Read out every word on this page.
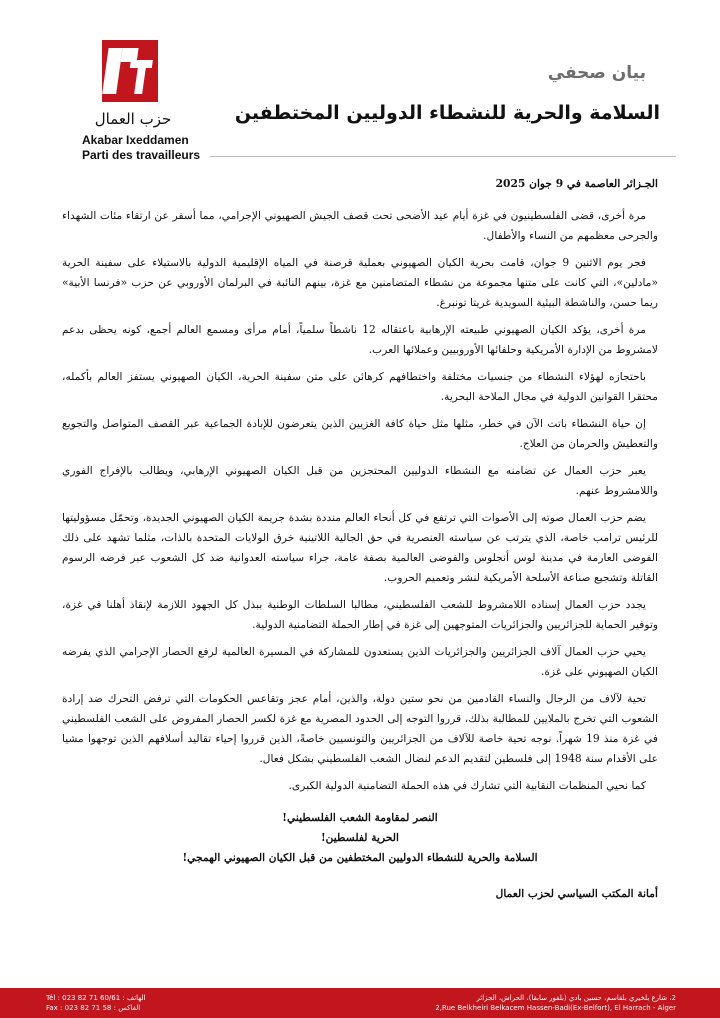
حزب العمال
Akabar Ixeddamen
Parti des travailleurs
بيان صحفي
السلامة والحرية للنشطاء الدوليين المختطفين
الجـزائر العاصمة في 9 جوان 2025

مرة أخرى، قضى الفلسطينيون في غزة أيام عيد الأضحى تحت قصف الجيش الصهيوني الإجرامي، مما أسفر عن ارتقاء مئات الشهداء والجرحى معظمهم من النساء والأطفال.

فجر يوم الاثنين 9 جوان، قامت بحرية الكيان الصهيوني بعملية قرصنة في المياه الإقليمية الدولية بالاستيلاء على سفينة الحرية «مادلين»، التي كانت على متنها مجموعة من نشطاء المتضامنين مع غزة، بينهم النائبة في البرلمان الأوروبي عن حزب «فرنسا الأبية» ريما حسن، والناشطة البيئية السويدية غريتا تونبرغ.

مرة أخرى، يؤكد الكيان الصهيوني طبيعته الإرهابية باعتقاله 12 ناشطاً سلمياً، أمام مرأى ومسمع العالم أجمع، كونه يحظى بدعم لامشروط من الإدارة الأمريكية وحلفائها الأوروبيين وعملائها العرب.

باحتجازه لهؤلاء النشطاء من جنسيات مختلفة واختطافهم كرهائن على متن سفينة الحرية، الكيان الصهيوني يستفز العالم بأكمله، محتقرا القوانين الدولية في مجال الملاحة البحرية.

إن حياة النشطاء باتت الآن في خطر، مثلها مثل حياة كافة الغزيين الذين يتعرضون للإبادة الجماعية عبر القصف المتواصل والتجويع والتعطيش والحرمان من العلاج.

يعبر حزب العمال عن تضامنه مع النشطاء الدوليين المحتجزين من قبل الكيان الصهيوني الإرهابي، ويطالب بالإفراج الفوري واللامشروط عنهم.

يضم حزب العمال صوته إلى الأصوات التي ترتفع في كل أنحاء العالم منددة بشدة جريمة الكيان الصهيوني الجديدة، وتحمّل مسؤوليتها للرئيس ترامب خاصة، الذي يترتب عن سياسته العنصرية في حق الجالية اللاتينية خرق الولايات المتحدة بالذات، مثلما تشهد على ذلك الفوضى العارمة في مدينة لوس أنجلوس والفوضى العالمية بصفة عامة، جراء سياسته العدوانية ضد كل الشعوب عبر فرضه الرسوم القاتلة وتشجيع صناعة الأسلحة الأمريكية لنشر وتعميم الحروب.

يجدد حزب العمال إسناده اللامشروط للشعب الفلسطيني، مطالبا السلطات الوطنية ببذل كل الجهود اللازمة لإنقاذ أهلنا في غزة، وتوفير الحماية للجزائريين والجزائريات المتوجهين إلى غزة في إطار الحملة التضامنية الدولية.

يحيي حزب العمال آلاف الجزائريين والجزائريات الذين يستعدون للمشاركة في المسيرة العالمية لرفع الحصار الإجرامي الذي يفرضه الكيان الصهيوني على غزة.

تحية لآلاف من الرجال والنساء القادمين من نحو ستين دولة، والذين، أمام عجز وتقاعس الحكومات التي ترفض التحرك ضد إرادة الشعوب التي تخرج بالملايين للمطالبة بذلك، قرروا التوجه إلى الحدود المصرية مع غزة لكسر الحصار المفروض على الشعب الفلسطيني في غزة منذ 19 شهراً. نوجه تحية خاصة للآلاف من الجزائريين والتونسيين خاصةً، الذين قرروا إحياء تقاليد أسلافهم الذين توجهوا مشيا على الأقدام سنة 1948 إلى فلسطين لتقديم الدعم لنضال الشعب الفلسطيني بشكل فعال.

كما نحيي المنظمات النقابية التي تشارك في هذه الحملة التضامنية الدولية الكبرى.

النصر لمقاومة الشعب الفلسطيني!
الحرية لفلسطين!
السلامة والحرية للنشطاء الدوليين المختطفين من قبل الكيان الصهيوني الهمجي!
أمانة المكتب السياسي لحزب العمال
Tél : 023 82 71 60/61 : الهاتف
Fax : 023 82 71 58 : الفاكس
2، شارع بلخيري بلقاسم، حسين بادي (بلفور سابقا)، الحراش، الجزائر
2,Rue Belkheiri Belkacem Hassen-Badi(Ex-Belfort), El Harrach - Alger
